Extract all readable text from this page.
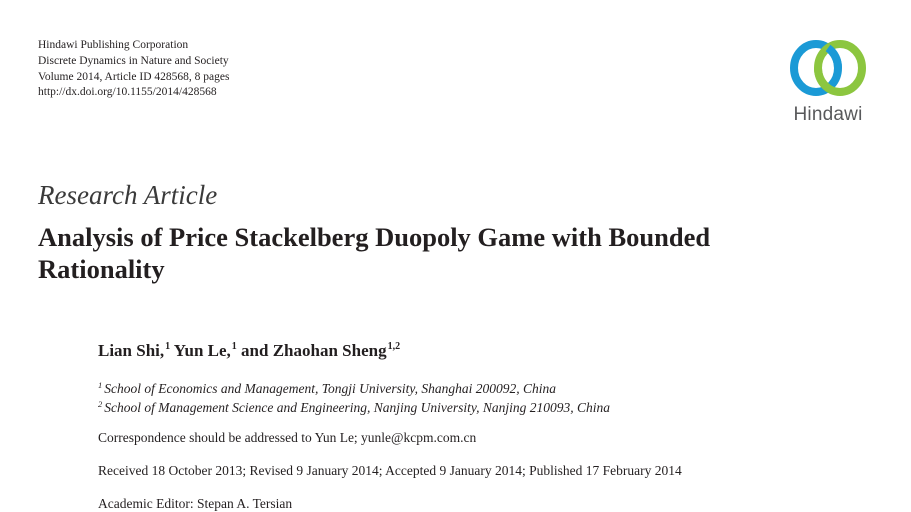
Hindawi Publishing Corporation
Discrete Dynamics in Nature and Society
Volume 2014, Article ID 428568, 8 pages
http://dx.doi.org/10.1155/2014/428568
Hindawi
Research Article
Analysis of Price Stackelberg Duopoly Game with Bounded Rationality
Lian Shi,$^1$ Yun Le,$^1$ and Zhaohan Sheng$^{1,2}$
$^1$ School of Economics and Management, Tongji University, Shanghai 200092, China
$^2$ School of Management Science and Engineering, Nanjing University, Nanjing 210093, China
Correspondence should be addressed to Yun Le; yunle@kcpm.com.cn
Received 18 October 2013; Revised 9 January 2014; Accepted 9 January 2014; Published 17 February 2014
Academic Editor: Stepan A. Tersian
